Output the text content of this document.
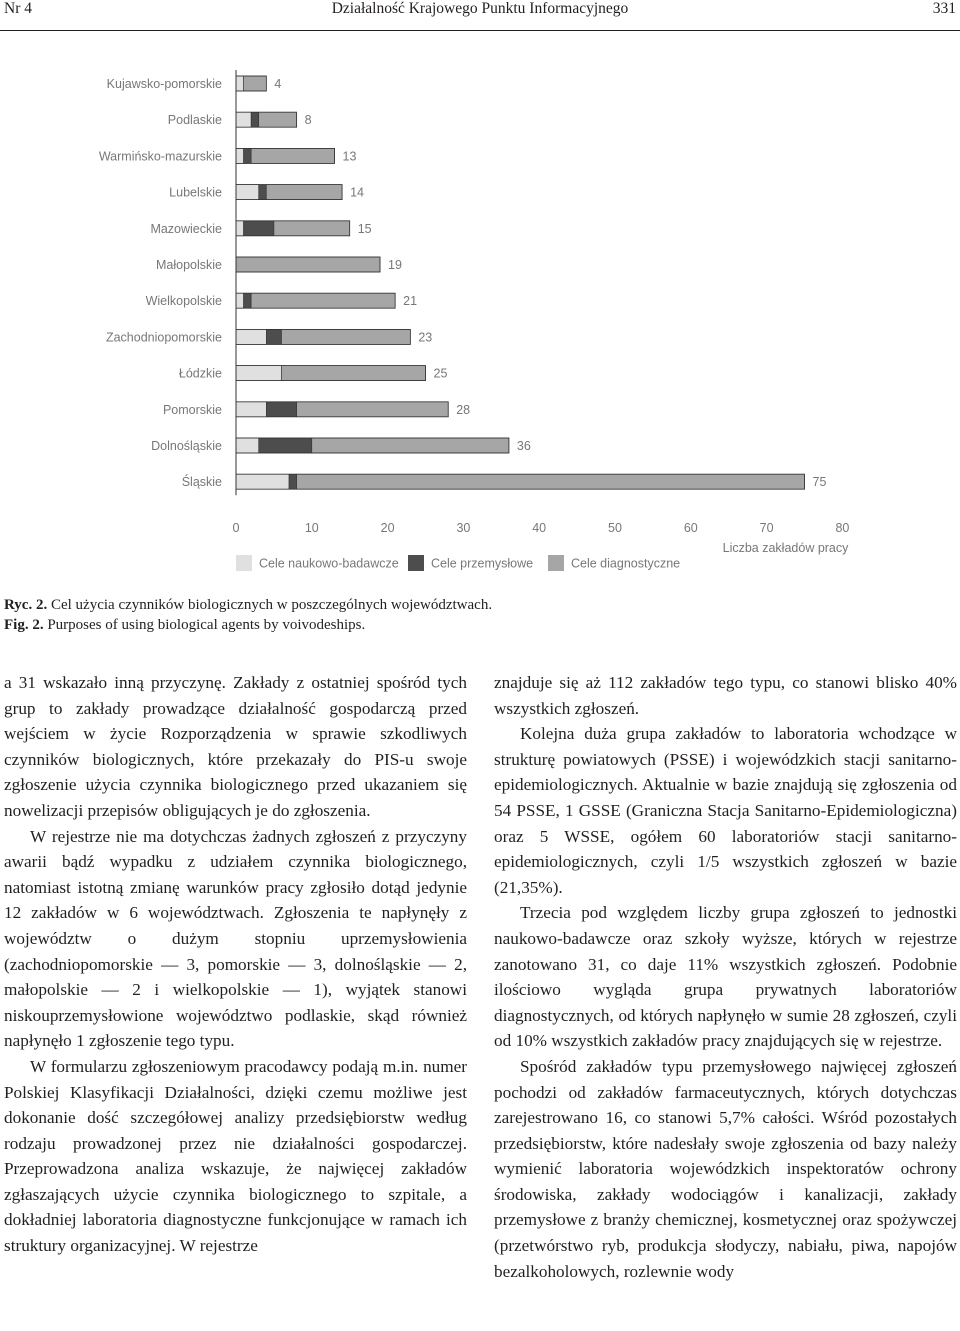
Nr 4	Działalność Krajowego Punktu Informacyjnego	331
Kujawsko-pomorskie	4
Podlaskie	8
Warmińsko-mazurskie	13
Lubelskie	14
Mazowieckie	15
Małopolskie	19
Wielkopolskie	21
Zachodniopomorskie	23
Łódzkie	25
Pomorskie	28
Dolnośląskie	36
Śląskie	75
0	10	20	30	40	50	60	70	80
Liczba zakładów pracy
Cele naukowo-badawcze	Cele przemysłowe	Cele diagnostyczne
Ryc. 2. Cel użycia czynników biologicznych w poszczególnych województwach.
Fig. 2. Purposes of using biological agents by voivodeships.

a 31 wskazało inną przyczynę. Zakłady z ostatniej spośród tych grup to zakłady prowadzące działalność gospodarczą przed wejściem w życie Rozporządzenia w sprawie szkodliwych czynników biologicznych, które przekazały do PIS-u swoje zgłoszenie użycia czynnika biologicznego przed ukazaniem się nowelizacji przepisów obligujących je do zgłoszenia.

W rejestrze nie ma dotychczas żadnych zgłoszeń z przyczyny awarii bądź wypadku z udziałem czynnika biologicznego, natomiast istotną zmianę warunków pracy zgłosiło dotąd jedynie 12 zakładów w 6 województwach. Zgłoszenia te napłynęły z województw o dużym stopniu uprzemysłowienia (zachodniopomorskie — 3, pomorskie — 3, dolnośląskie — 2, małopolskie — 2 i wielkopolskie — 1), wyjątek stanowi niskouprzemysłowione województwo podlaskie, skąd również napłynęło 1 zgłoszenie tego typu.

W formularzu zgłoszeniowym pracodawcy podają m.in. numer Polskiej Klasyfikacji Działalności, dzięki czemu możliwe jest dokonanie dość szczegółowej analizy przedsiębiorstw według rodzaju prowadzonej przez nie działalności gospodarczej. Przeprowadzona analiza wskazuje, że najwięcej zakładów zgłaszających użycie czynnika biologicznego to szpitale, a dokładniej laboratoria diagnostyczne funkcjonujące w ramach ich struktury organizacyjnej. W rejestrze

znajduje się aż 112 zakładów tego typu, co stanowi blisko 40% wszystkich zgłoszeń.

Kolejna duża grupa zakładów to laboratoria wchodzące w strukturę powiatowych (PSSE) i wojewódzkich stacji sanitarno-epidemiologicznych. Aktualnie w bazie znajdują się zgłoszenia od 54 PSSE, 1 GSSE (Graniczna Stacja Sanitarno-Epidemiologiczna) oraz 5 WSSE, ogółem 60 laboratoriów stacji sanitarno-epidemiologicznych, czyli 1/5 wszystkich zgłoszeń w bazie (21,35%).

Trzecia pod względem liczby grupa zgłoszeń to jednostki naukowo-badawcze oraz szkoły wyższe, których w rejestrze zanotowano 31, co daje 11% wszystkich zgłoszeń. Podobnie ilościowo wygląda grupa prywatnych laboratoriów diagnostycznych, od których napłynęło w sumie 28 zgłoszeń, czyli od 10% wszystkich zakładów pracy znajdujących się w rejestrze.

Spośród zakładów typu przemysłowego najwięcej zgłoszeń pochodzi od zakładów farmaceutycznych, których dotychczas zarejestrowano 16, co stanowi 5,7% całości. Wśród pozostałych przedsiębiorstw, które nadesłały swoje zgłoszenia od bazy należy wymienić laboratoria wojewódzkich inspektoratów ochrony środowiska, zakłady wodociągów i kanalizacji, zakłady przemysłowe z branży chemicznej, kosmetycznej oraz spożywczej (przetwórstwo ryb, produkcja słodyczy, nabiału, piwa, napojów bezalkoholowych, rozlewnie wody
